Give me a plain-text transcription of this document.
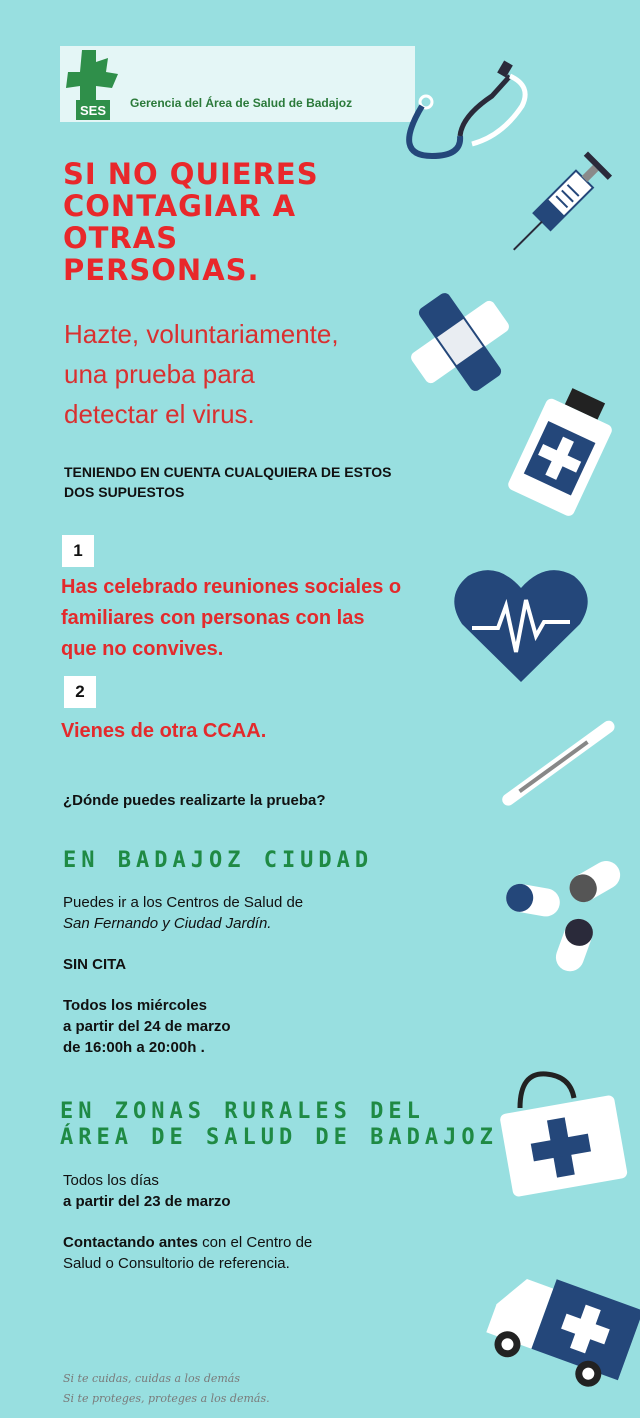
SES Gerencia del Área de Salud de Badajoz
SI NO QUIERES
CONTAGIAR A
OTRAS
PERSONAS.
Hazte, voluntariamente,
una prueba para
detectar el virus.
TENIENDO EN CUENTA CUALQUIERA DE ESTOS
DOS SUPUESTOS
1
Has celebrado reuniones sociales o
familiares con personas con las
que no convives.
2
Vienes de otra CCAA.
¿Dónde puedes realizarte la prueba?
EN BADAJOZ CIUDAD
Puedes ir a los Centros de Salud de
San Fernando y Ciudad Jardín.
SIN CITA
Todos los miércoles
a partir del 24 de marzo
de 16:00h a 20:00h .
EN ZONAS RURALES DEL
ÁREA DE SALUD DE BADAJOZ
Todos los días
a partir del 23 de marzo
Contactando antes con el Centro de
Salud o Consultorio de referencia.
Si te cuidas, cuidas a los demás
Si te proteges, proteges a los demás.
